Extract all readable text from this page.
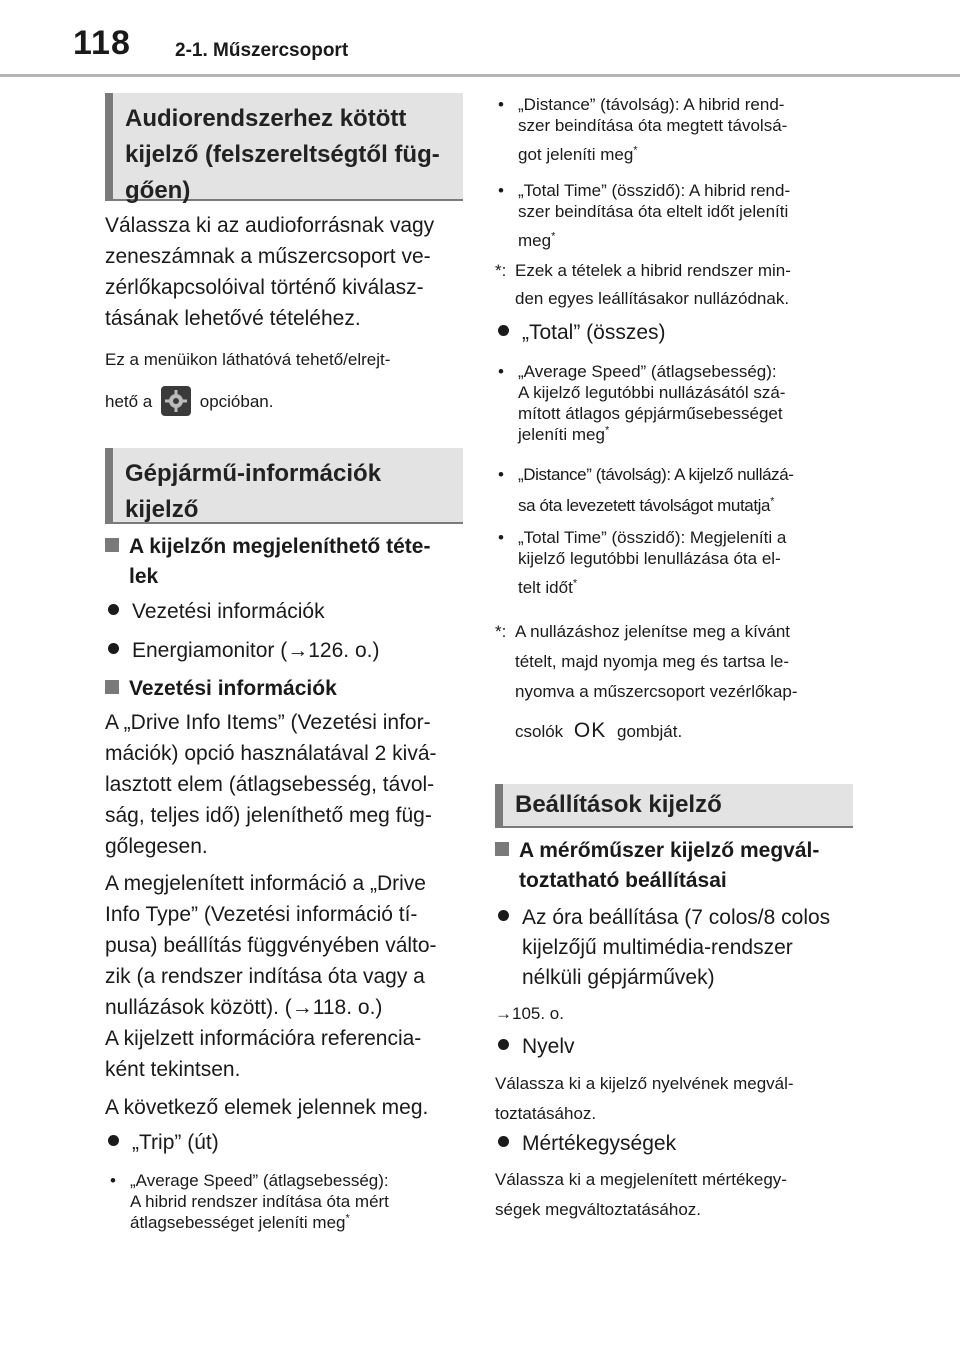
118 2-1. Műszercsoport
Audiorendszerhez kötött
kijelző (felszereltségtől füg-
gően)
Válassza ki az audioforrásnak vagy
zeneszámnak a műszercsoport ve-
zérlőkapcsolóival történő kiválasz-
tásának lehetővé tételéhez.
Ez a menüikon láthatóvá tehető/elrejt-
hető a	opcióban.
Gépjármű-információk
kijelző
A kijelzőn megjeleníthető téte-
lek
Vezetési információk
Energiamonitor (→126. o.)
Vezetési információk
A „Drive Info Items” (Vezetési infor-
mációk) opció használatával 2 kivá-
lasztott elem (átlagsebesség, távol-
ság, teljes idő) jeleníthető meg füg-
gőlegesen.
A megjelenített információ a „Drive
Info Type” (Vezetési információ tí-
pusa) beállítás függvényében válto-
zik (a rendszer indítása óta vagy a
nullázások között). (→118. o.)
A kijelzett információra referencia-
ként tekintsen.
A következő elemek jelennek meg.
„Trip” (út)
• „Average Speed” (átlagsebesség):
A hibrid rendszer indítása óta mért
átlagsebességet jeleníti meg*
• „Distance” (távolság): A hibrid rend-
szer beindítása óta megtett távolsá-
got jeleníti meg*
• „Total Time” (összidő): A hibrid rend-
szer beindítása óta eltelt időt jeleníti
meg*
*: Ezek a tételek a hibrid rendszer min-
den egyes leállításakor nullázódnak.
„Total” (összes)
• „Average Speed” (átlagsebesség):
A kijelző legutóbbi nullázásától szá-
mított átlagos gépjárműsebességet
jeleníti meg*
• „Distance” (távolság): A kijelző nullázá-
sa óta levezetett távolságot mutatja*
• „Total Time” (összidő): Megjeleníti a
kijelző legutóbbi lenullázása óta el-
telt időt*
*: A nullázáshoz jelenítse meg a kívánt
tételt, majd nyomja meg és tartsa le-
nyomva a műszercsoport vezérlőkap-
csolók OK gombját.
Beállítások kijelző
A mérőműszer kijelző megvál-
toztatható beállításai
Az óra beállítása (7 colos/8 colos
kijelzőjű multimédia-rendszer
nélküli gépjárművek)
→105. o.
Nyelv
Válassza ki a kijelző nyelvének megvál-
toztatásához.
Mértékegységek
Válassza ki a megjelenített mértékegy-
ségek megváltoztatásához.
